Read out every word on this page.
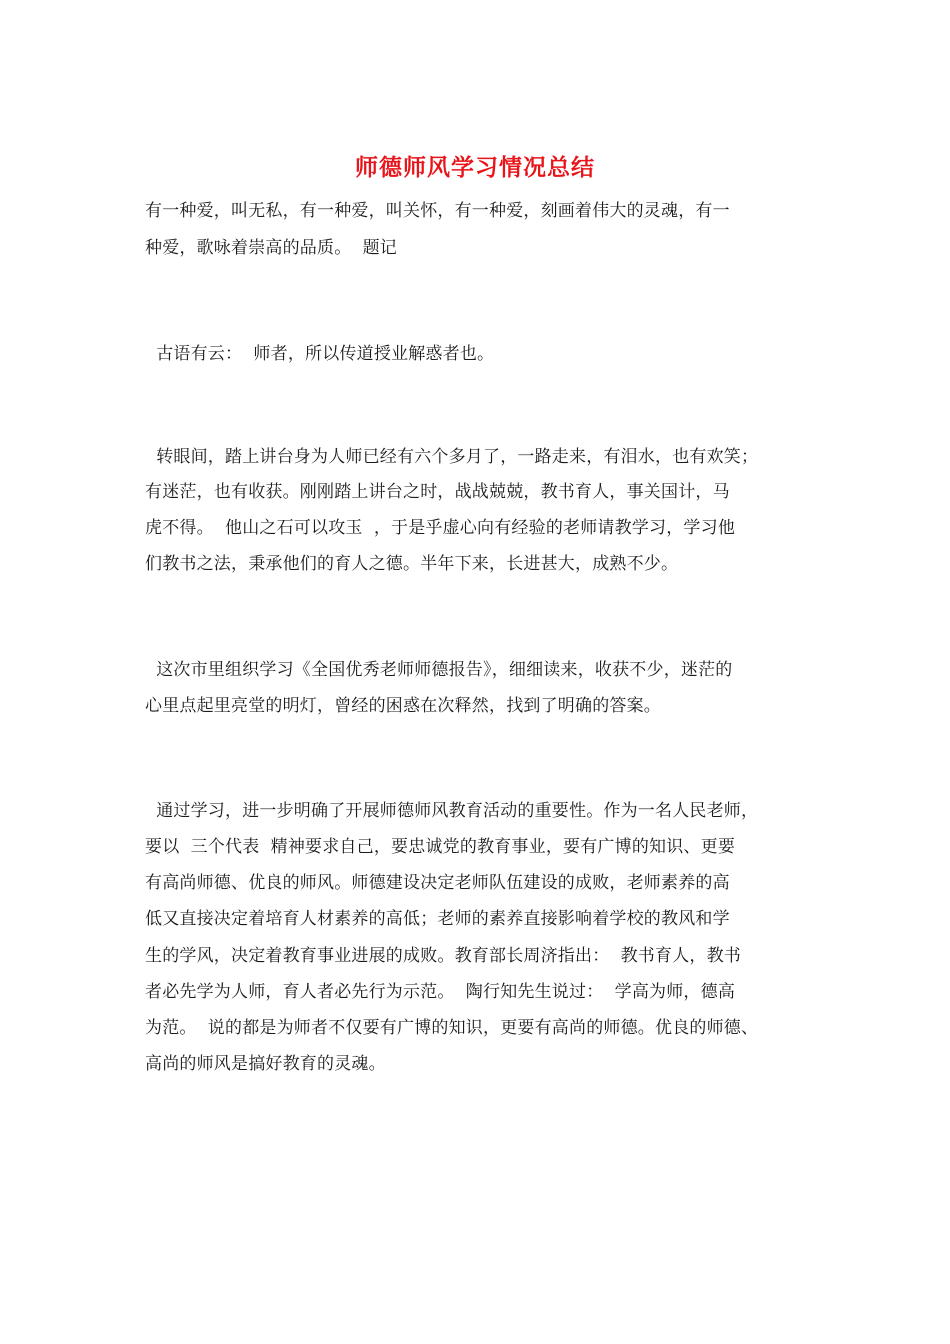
师德师风学习情况总结
有一种爱，叫无私，有一种爱，叫关怀，有一种爱，刻画着伟大的灵魂，有一
种爱，歌咏着崇高的品质。  题记
古语有云：  师者，所以传道授业解惑者也。
转眼间，踏上讲台身为人师已经有六个多月了，一路走来，有泪水，也有欢笑；
有迷茫，也有收获。刚刚踏上讲台之时，战战兢兢，教书育人，事关国计，马
虎不得。  他山之石可以攻玉  ，于是乎虚心向有经验的老师请教学习，学习他
们教书之法，秉承他们的育人之德。半年下来，长进甚大，成熟不少。
这次市里组织学习《全国优秀老师师德报告》，细细读来，收获不少，迷茫的
心里点起里亮堂的明灯，曾经的困惑在次释然，找到了明确的答案。
通过学习，进一步明确了开展师德师风教育活动的重要性。作为一名人民老师，
要以  三个代表  精神要求自己，要忠诚党的教育事业，要有广博的知识、更要
有高尚师德、优良的师风。师德建设决定老师队伍建设的成败，老师素养的高
低又直接决定着培育人材素养的高低；老师的素养直接影响着学校的教风和学
生的学风，决定着教育事业进展的成败。教育部长周济指出：  教书育人，教书
者必先学为人师，育人者必先行为示范。  陶行知先生说过：  学高为师，德高
为范。  说的都是为师者不仅要有广博的知识，更要有高尚的师德。优良的师德、
高尚的师风是搞好教育的灵魂。
